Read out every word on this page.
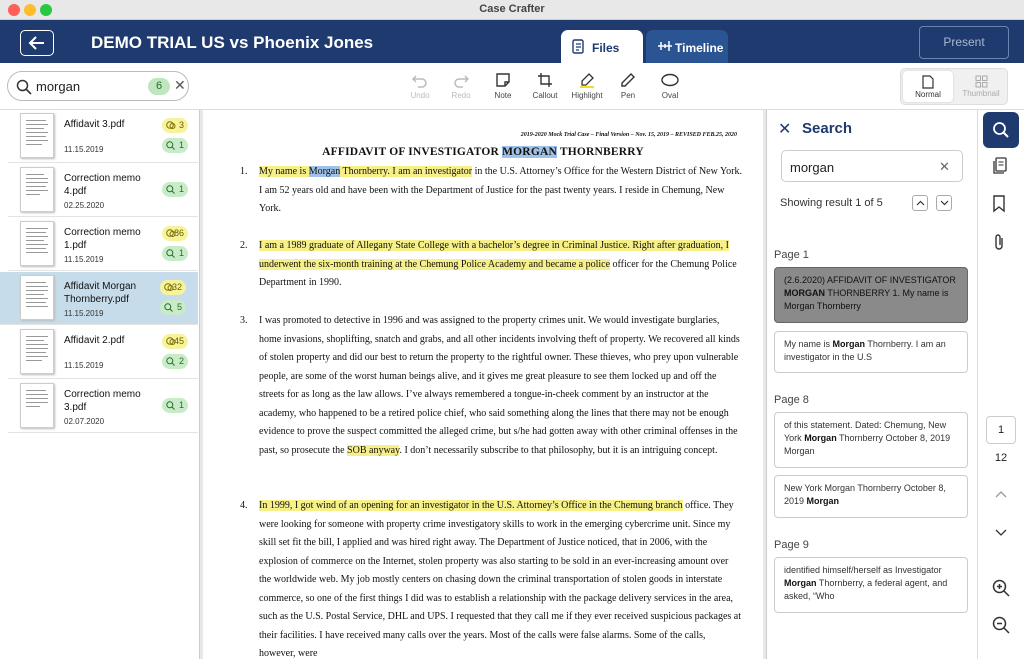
Case Crafter
DEMO TRIAL US vs Phoenix Jones	Files	Timeline	Present
morgan	6 ✕
Undo	Redo	Note	Callout	Highlight	Pen	Oval	Normal	Thumbnail
Affidavit 3.pdf
11.15.2019
3
1
Correction memo 4.pdf
02.25.2020
1
Correction memo 1.pdf
11.15.2019
86
1
Affidavit Morgan Thornberry.pdf
11.15.2019
32
5
Affidavit 2.pdf
11.15.2019
45
2
Correction memo 3.pdf
02.07.2020
1
2019-2020 Mock Trial Case – Final Version – Nov. 15, 2019 – REVISED FEB.25, 2020
AFFIDAVIT OF INVESTIGATOR MORGAN THORNBERRY
1. My name is Morgan Thornberry. I am an investigator in the U.S. Attorney’s Office for the Western District of New York. I am 52 years old and have been with the Department of Justice for the past twenty years. I reside in Chemung, New York.
2. I am a 1989 graduate of Allegany State College with a bachelor’s degree in Criminal Justice. Right after graduation, I underwent the six-month training at the Chemung Police Academy and became a police officer for the Chemung Police Department in 1990.
3. I was promoted to detective in 1996 and was assigned to the property crimes unit. We would investigate burglaries, home invasions, shoplifting, snatch and grabs, and all other incidents involving theft of property. We recovered all kinds of stolen property and did our best to return the property to the rightful owner. These thieves, who prey upon vulnerable people, are some of the worst human beings alive, and it gives me great pleasure to see them locked up and off the streets for as long as the law allows. I’ve always remembered a tongue-in-cheek comment by an instructor at the academy, who happened to be a retired police chief, who said something along the lines that there may not be enough evidence to prove the suspect committed the alleged crime, but s/he had gotten away with other criminal offenses in the past, so prosecute the SOB anyway. I don’t necessarily subscribe to that philosophy, but it is an intriguing concept.
4. In 1999, I got wind of an opening for an investigator in the U.S. Attorney’s Office in the Chemung branch office. They were looking for someone with property crime investigatory skills to work in the emerging cybercrime unit. Since my skill set fit the bill, I applied and was hired right away. The Department of Justice noticed, that in 2006, with the explosion of commerce on the Internet, stolen property was also starting to be sold in an ever-increasing amount over the worldwide web. My job mostly centers on chasing down the criminal transportation of stolen goods in interstate commerce, so one of the first things I did was to establish a relationship with the package delivery services in the area, such as the U.S. Postal Service, DHL and UPS. I requested that they call me if they ever received suspicious packages at their facilities. I have received many calls over the years. Most of the calls were false alarms. Some of the calls, however, were
✕ Search
morgan	✕
Showing result 1 of 5
Page 1
(2.6.2020) AFFIDAVIT OF INVESTIGATOR MORGAN THORNBERRY 1. My name is Morgan Thornberry
My name is Morgan Thornberry. I am an investigator in the U.S
Page 8
of this statement. Dated: Chemung, New York Morgan Thornberry October 8, 2019 Morgan
New York Morgan Thornberry October 8, 2019 Morgan
Page 9
identified himself/herself as Investigator Morgan Thornberry, a federal agent, and asked, “Who
1
12
